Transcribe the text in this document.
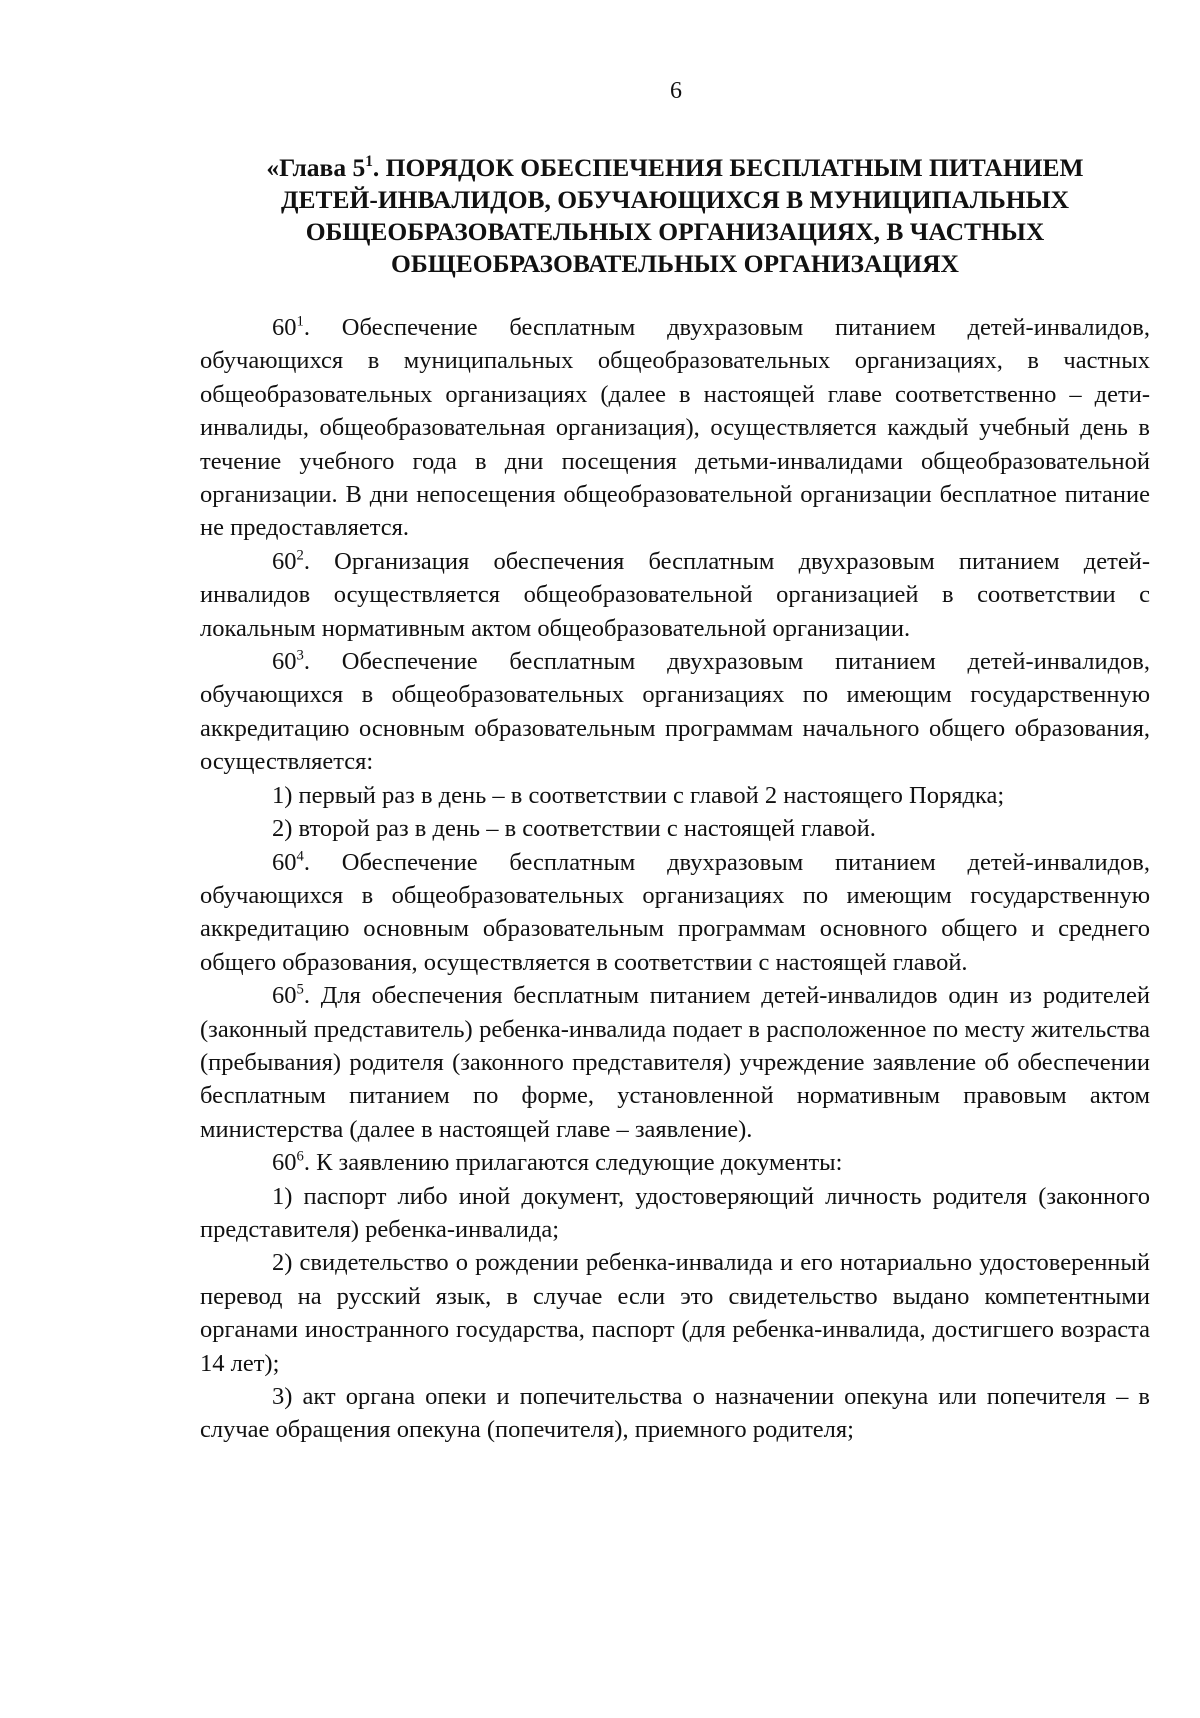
6
«Глава $5^1$. ПОРЯДОК ОБЕСПЕЧЕНИЯ БЕСПЛАТНЫМ ПИТАНИЕМ
ДЕТЕЙ-ИНВАЛИДОВ, ОБУЧАЮЩИХСЯ В МУНИЦИПАЛЬНЫХ
ОБЩЕОБРАЗОВАТЕЛЬНЫХ ОРГАНИЗАЦИЯХ, В ЧАСТНЫХ
ОБЩЕОБРАЗОВАТЕЛЬНЫХ ОРГАНИЗАЦИЯХ

$60^1$. Обеспечение бесплатным двухразовым питанием детей-инвалидов, обучающихся в муниципальных общеобразовательных организациях, в частных общеобразовательных организациях (далее в настоящей главе соответственно – дети-инвалиды, общеобразовательная организация), осуществляется каждый учебный день в течение учебного года в дни посещения детьми-инвалидами общеобразовательной организации. В дни непосещения общеобразовательной организации бесплатное питание не предоставляется.

$60^2$. Организация обеспечения бесплатным двухразовым питанием детей-инвалидов осуществляется общеобразовательной организацией в соответствии с локальным нормативным актом общеобразовательной организации.

$60^3$. Обеспечение бесплатным двухразовым питанием детей-инвалидов, обучающихся в общеобразовательных организациях по имеющим государственную аккредитацию основным образовательным программам начального общего образования, осуществляется:

1) первый раз в день – в соответствии с главой 2 настоящего Порядка;

2) второй раз в день – в соответствии с настоящей главой.

$60^4$. Обеспечение бесплатным двухразовым питанием детей-инвалидов, обучающихся в общеобразовательных организациях по имеющим государственную аккредитацию основным образовательным программам основного общего и среднего общего образования, осуществляется в соответствии с настоящей главой.

$60^5$. Для обеспечения бесплатным питанием детей-инвалидов один из родителей (законный представитель) ребенка-инвалида подает в расположенное по месту жительства (пребывания) родителя (законного представителя) учреждение заявление об обеспечении бесплатным питанием по форме, установленной нормативным правовым актом министерства (далее в настоящей главе – заявление).

$60^6$. К заявлению прилагаются следующие документы:

1) паспорт либо иной документ, удостоверяющий личность родителя (законного представителя) ребенка-инвалида;

2) свидетельство о рождении ребенка-инвалида и его нотариально удостоверенный перевод на русский язык, в случае если это свидетельство выдано компетентными органами иностранного государства, паспорт (для ребенка-инвалида, достигшего возраста 14 лет);

3) акт органа опеки и попечительства о назначении опекуна или попечителя – в случае обращения опекуна (попечителя), приемного родителя;
